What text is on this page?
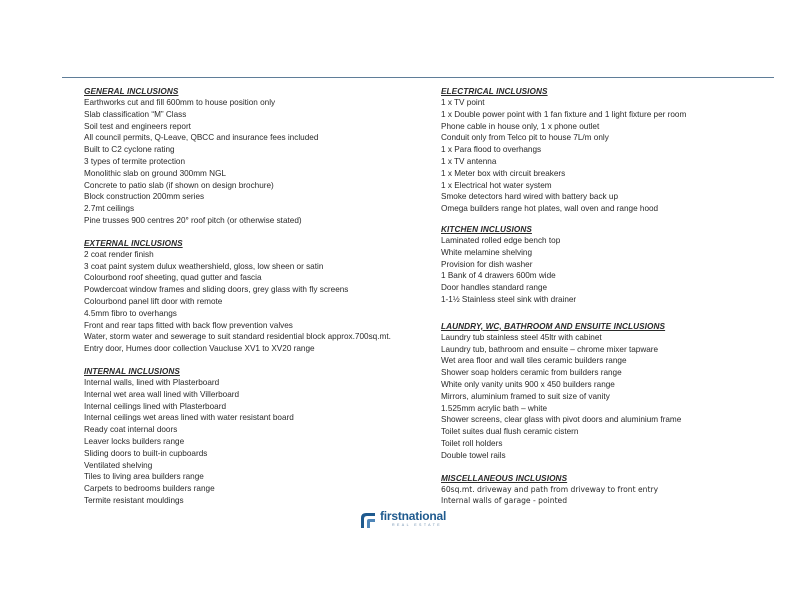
GENERAL INCLUSIONS
Earthworks cut and fill 600mm to house position only
Slab classification “M” Class
Soil test and engineers report
All council permits, Q-Leave, QBCC and insurance fees included
Built to C2 cyclone rating
3 types of termite protection
Monolithic slab on ground 300mm NGL
Concrete to patio slab (if shown on design brochure)
Block construction 200mm series
2.7mt ceilings
Pine trusses 900 centres 20° roof pitch (or otherwise stated)
EXTERNAL INCLUSIONS
2 coat render finish
3 coat paint system dulux weathershield, gloss, low sheen or satin
Colourbond roof sheeting, quad gutter and fascia
Powdercoat window frames and sliding doors, grey glass with fly screens
Colourbond panel lift door with remote
4.5mm fibro to overhangs
Front and rear taps fitted with back flow prevention valves
Water, storm water and sewerage to suit standard residential block approx.700sq.mt.
Entry door, Humes door collection Vaucluse XV1 to XV20 range
INTERNAL INCLUSIONS
Internal walls, lined with Plasterboard
Internal wet area wall lined with Villerboard
Internal ceilings lined with Plasterboard
Internal ceilings wet areas lined with water resistant board
Ready coat internal doors
Leaver locks builders range
Sliding doors to built-in cupboards
Ventilated shelving
Tiles to living area builders range
Carpets to bedrooms builders range
Termite resistant mouldings
ELECTRICAL INCLUSIONS
1 x TV point
1 x Double power point with 1 fan fixture and 1 light fixture per room
Phone cable in house only, 1 x phone outlet
Conduit only from Telco pit to house 7L/m only
1 x Para flood to overhangs
1 x TV antenna
1 x Meter box with circuit breakers
1 x Electrical hot water system
Smoke detectors hard wired with battery back up
Omega builders range hot plates, wall oven and range hood
KITCHEN INCLUSIONS
Laminated rolled edge bench top
White melamine shelving
Provision for dish washer
1 Bank of 4 drawers 600m wide
Door handles standard range
1-1½ Stainless steel sink with drainer
LAUNDRY, WC, BATHROOM AND ENSUITE INCLUSIONS
Laundry tub stainless steel 45ltr with cabinet
Laundry tub, bathroom and ensuite – chrome mixer tapware
Wet area floor and wall tiles ceramic builders range
Shower soap holders ceramic from builders range
White only vanity units 900 x 450 builders range
Mirrors, aluminium framed to suit size of vanity
1.525mm acrylic bath – white
Shower screens, clear glass with pivot doors and aluminium frame
Toilet suites dual flush ceramic cistern
Toilet roll holders
Double towel rails
MISCELLANEOUS INCLUSIONS
60sq.mt. driveway and path from driveway to front entry
Internal walls of garage - pointed
firstnational
REAL ESTATE
